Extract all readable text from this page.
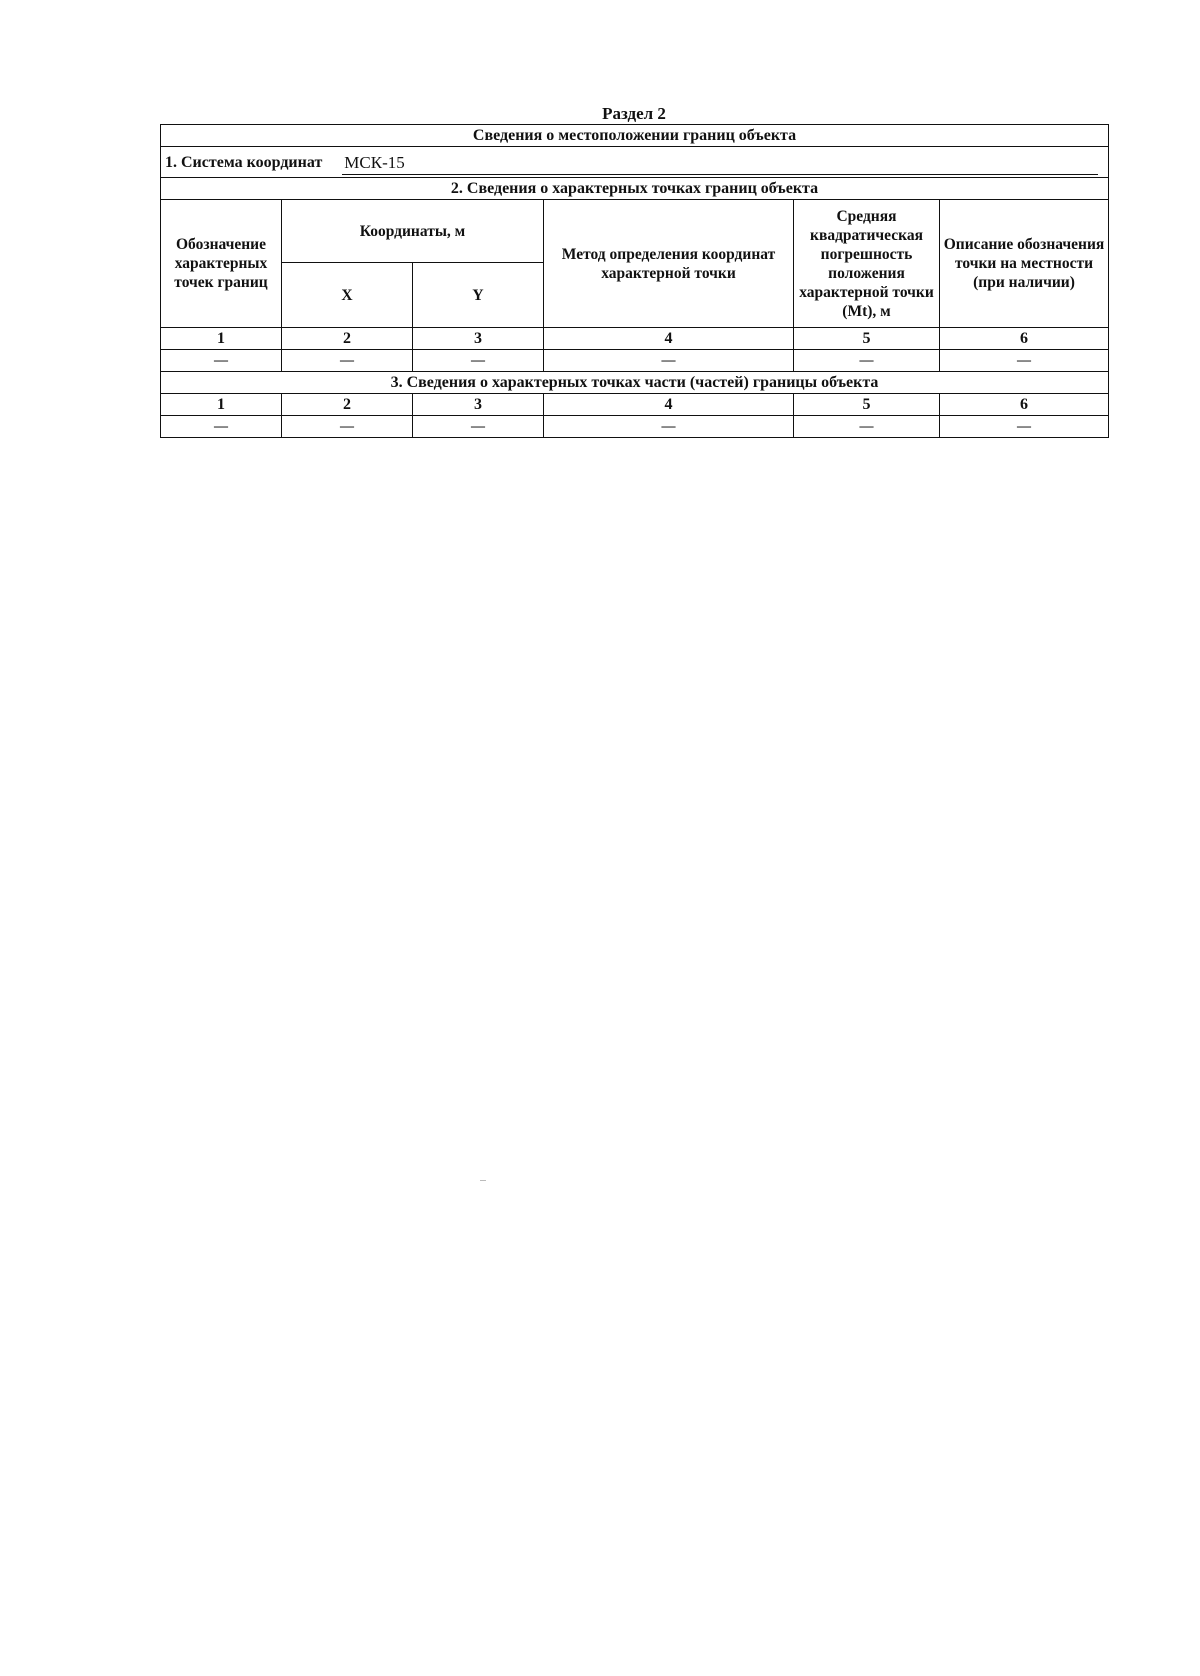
Раздел 2
Сведения о местоположении границ объекта					

1. Система координат МСК-15					

2. Сведения о характерных точках границ объекта					
Обозначение характерных точек границ	Координаты, м		Метод определения координат характерной точки	Средняя квадратическая погрешность положения характерной точки (Mt), м	Описание обозначения точки на местности (при наличии)
	X	Y			
1	2	3	4	5	6
—	—	—	—	—	—
3. Сведения о характерных точках части (частей) границы объекта					
1	2	3	4	5	6
—	—	—	—	—	—
